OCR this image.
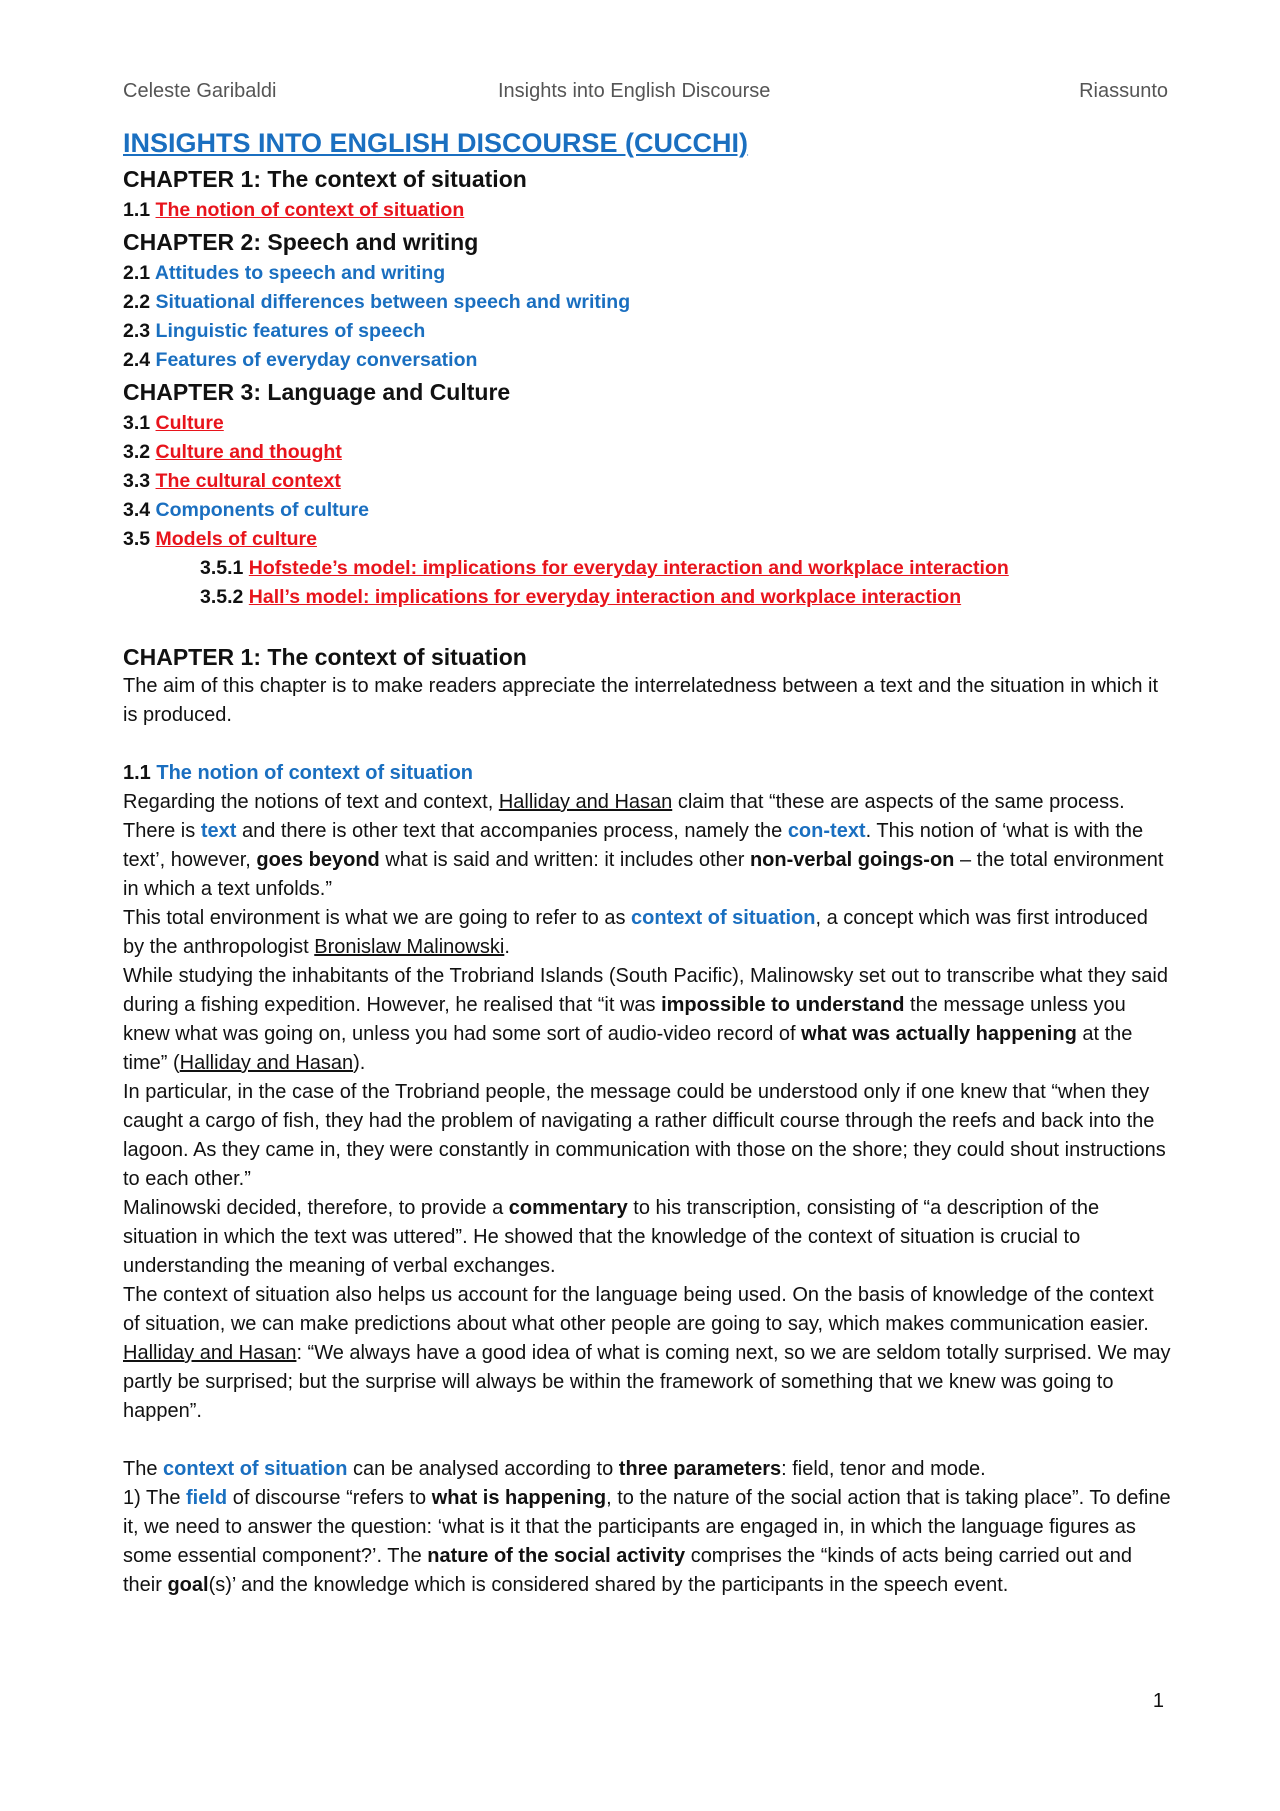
Celeste Garibaldi	Insights into English Discourse	Riassunto
INSIGHTS INTO ENGLISH DISCOURSE (CUCCHI)
CHAPTER 1: The context of situation
1.1 The notion of context of situation
CHAPTER 2: Speech and writing
2.1 Attitudes to speech and writing
2.2 Situational differences between speech and writing
2.3 Linguistic features of speech
2.4 Features of everyday conversation
CHAPTER 3: Language and Culture
3.1 Culture
3.2 Culture and thought
3.3 The cultural context
3.4 Components of culture
3.5 Models of culture
3.5.1 Hofstede’s model: implications for everyday interaction and workplace interaction
3.5.2 Hall’s model: implications for everyday interaction and workplace interaction
CHAPTER 1: The context of situation

The aim of this chapter is to make readers appreciate the interrelatedness between a text and the situation in which it is produced.

1.1 The notion of context of situation

Regarding the notions of text and context, Halliday and Hasan claim that “these are aspects of the same process. There is text and there is other text that accompanies process, namely the con-text. This notion of ‘what is with the text’, however, goes beyond what is said and written: it includes other non-verbal goings-on – the total environment in which a text unfolds.”

This total environment is what we are going to refer to as context of situation, a concept which was first introduced by the anthropologist Bronislaw Malinowski.

While studying the inhabitants of the Trobriand Islands (South Pacific), Malinowsky set out to transcribe what they said during a fishing expedition. However, he realised that “it was impossible to understand the message unless you knew what was going on, unless you had some sort of audio-video record of what was actually happening at the time” (Halliday and Hasan).

In particular, in the case of the Trobriand people, the message could be understood only if one knew that “when they caught a cargo of fish, they had the problem of navigating a rather difficult course through the reefs and back into the lagoon. As they came in, they were constantly in communication with those on the shore; they could shout instructions to each other.”

Malinowski decided, therefore, to provide a commentary to his transcription, consisting of “a description of the situation in which the text was uttered”. He showed that the knowledge of the context of situation is crucial to understanding the meaning of verbal exchanges.

The context of situation also helps us account for the language being used. On the basis of knowledge of the context of situation, we can make predictions about what other people are going to say, which makes communication easier.

Halliday and Hasan: “We always have a good idea of what is coming next, so we are seldom totally surprised. We may partly be surprised; but the surprise will always be within the framework of something that we knew was going to happen”.

The context of situation can be analysed according to three parameters: field, tenor and mode.

1) The field of discourse “refers to what is happening, to the nature of the social action that is taking place”. To define it, we need to answer the question: ‘what is it that the participants are engaged in, in which the language figures as some essential component?’. The nature of the social activity comprises the “kinds of acts being carried out and their goal(s)’ and the knowledge which is considered shared by the participants in the speech event.

1
